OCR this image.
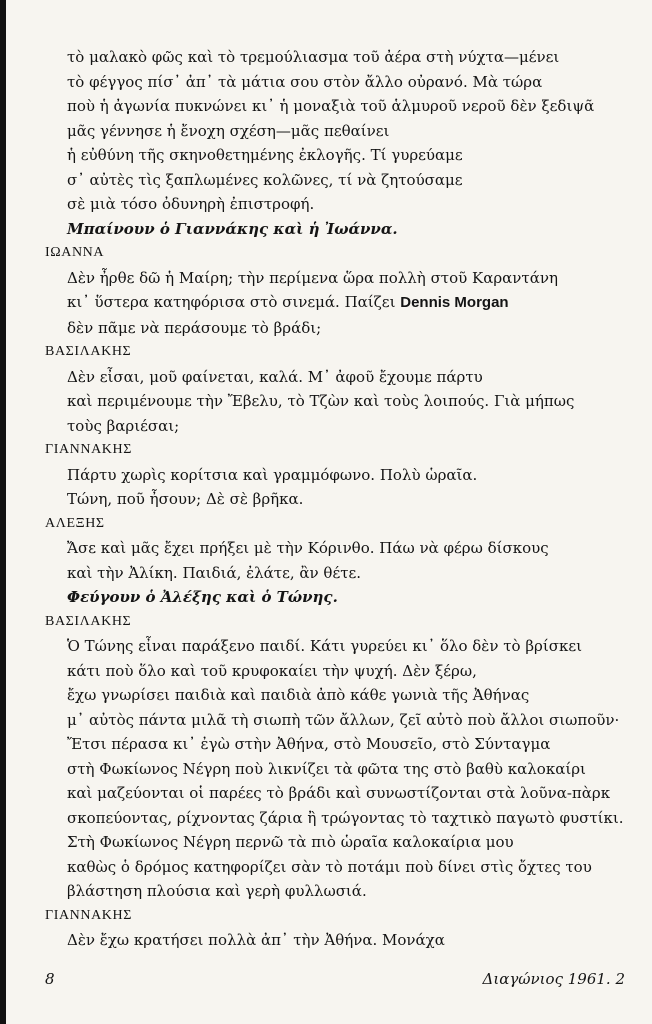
τὸ μαλακὸ φῶς καὶ τὸ τρεμούλιασμα τοῦ ἀέρα στὴ νύχτα—μένει
τὸ φέγγος πίσ᾽ ἀπ᾽ τὰ μάτια σου στὸν ἄλλο οὐρανό. Μὰ τώρα
ποὺ ἡ ἀγωνία πυκνώνει κι᾽ ἡ μοναξιὰ τοῦ ἁλμυροῦ νεροῦ δὲν ξεδιψᾶ
μᾶς γέννησε ἡ ἔνοχη σχέση—μᾶς πεθαίνει
ἡ εὐθύνη τῆς σκηνοθετημένης ἐκλογῆς. Τί γυρεύαμε
σ᾽ αὐτὲς τὶς ξαπλωμένες κολῶνες, τί νὰ ζητούσαμε
σὲ μιὰ τόσο ὀδυνηρὴ ἐπιστροφή.
Μπαίνουν ὁ Γιαννάκης καὶ ἡ Ἰωάννα.
ΙΩΑΝΝΑ
Δὲν ἦρθε δῶ ἡ Μαίρη; τὴν περίμενα ὥρα πολλὴ στοῦ Καραντάνη
κι᾽ ὕστερα κατηφόρισα στὸ σινεμά. Παίζει Dennis Morgan
δὲν πᾶμε νὰ περάσουμε τὸ βράδι;
ΒΑΣΙΛΑΚΗΣ
Δὲν εἶσαι, μοῦ φαίνεται, καλά. Μ᾽ ἀφοῦ ἔχουμε πάρτυ
καὶ περιμένουμε τὴν Ἔβελυ, τὸ Τζὼν καὶ τοὺς λοιπούς. Γιὰ μήπως
τοὺς βαριέσαι;
ΓΙΑΝΝΑΚΗΣ
Πάρτυ χωρὶς κορίτσια καὶ γραμμόφωνο. Πολὺ ὡραῖα.
Τώνη, ποῦ ἦσουν; Δὲ σὲ βρῆκα.
ΑΛΕΞΗΣ
Ἄσε καὶ μᾶς ἔχει πρήξει μὲ τὴν Κόρινθο. Πάω νὰ φέρω δίσκους
καὶ τὴν Ἀλίκη. Παιδιά, ἐλάτε, ἂν θέτε.
Φεύγουν ὁ Ἀλέξης καὶ ὁ Τώνης.
ΒΑΣΙΛΑΚΗΣ
Ὁ Τώνης εἶναι παράξενο παιδί. Κάτι γυρεύει κι᾽ ὅλο δὲν τὸ βρίσκει
κάτι ποὺ ὅλο καὶ τοῦ κρυφοκαίει τὴν ψυχή. Δὲν ξέρω,
ἔχω γνωρίσει παιδιὰ καὶ παιδιὰ ἀπὸ κάθε γωνιὰ τῆς Ἀθήνας
μ᾽ αὐτὸς πάντα μιλᾶ τὴ σιωπὴ τῶν ἄλλων, ζεῖ αὐτὸ ποὺ ἄλλοι σιωποῦν·
Ἔτσι πέρασα κι᾽ ἐγὼ στὴν Ἀθήνα, στὸ Μουσεῖο, στὸ Σύνταγμα
στὴ Φωκίωνος Νέγρη ποὺ λικνίζει τὰ φῶτα της στὸ βαθὺ καλοκαίρι
καὶ μαζεύονται οἱ παρέες τὸ βράδι καὶ συνωστίζονται στὰ λοῦνα-πὰρκ
σκοπεύοντας, ρίχνοντας ζάρια ἢ τρώγοντας τὸ ταχτικὸ παγωτὸ φυστίκι.
Στὴ Φωκίωνος Νέγρη περνῶ τὰ πιὸ ὡραῖα καλοκαίρια μου
καθὼς ὁ δρόμος κατηφορίζει σὰν τὸ ποτάμι ποὺ δίνει στὶς ὄχτες του
βλάστηση πλούσια καὶ γερὴ φυλλωσιά.
ΓΙΑΝΝΑΚΗΣ
Δὲν ἔχω κρατήσει πολλὰ ἀπ᾽ τὴν Ἀθήνα. Μονάχα
8	Διαγώνιος 1961. 2
